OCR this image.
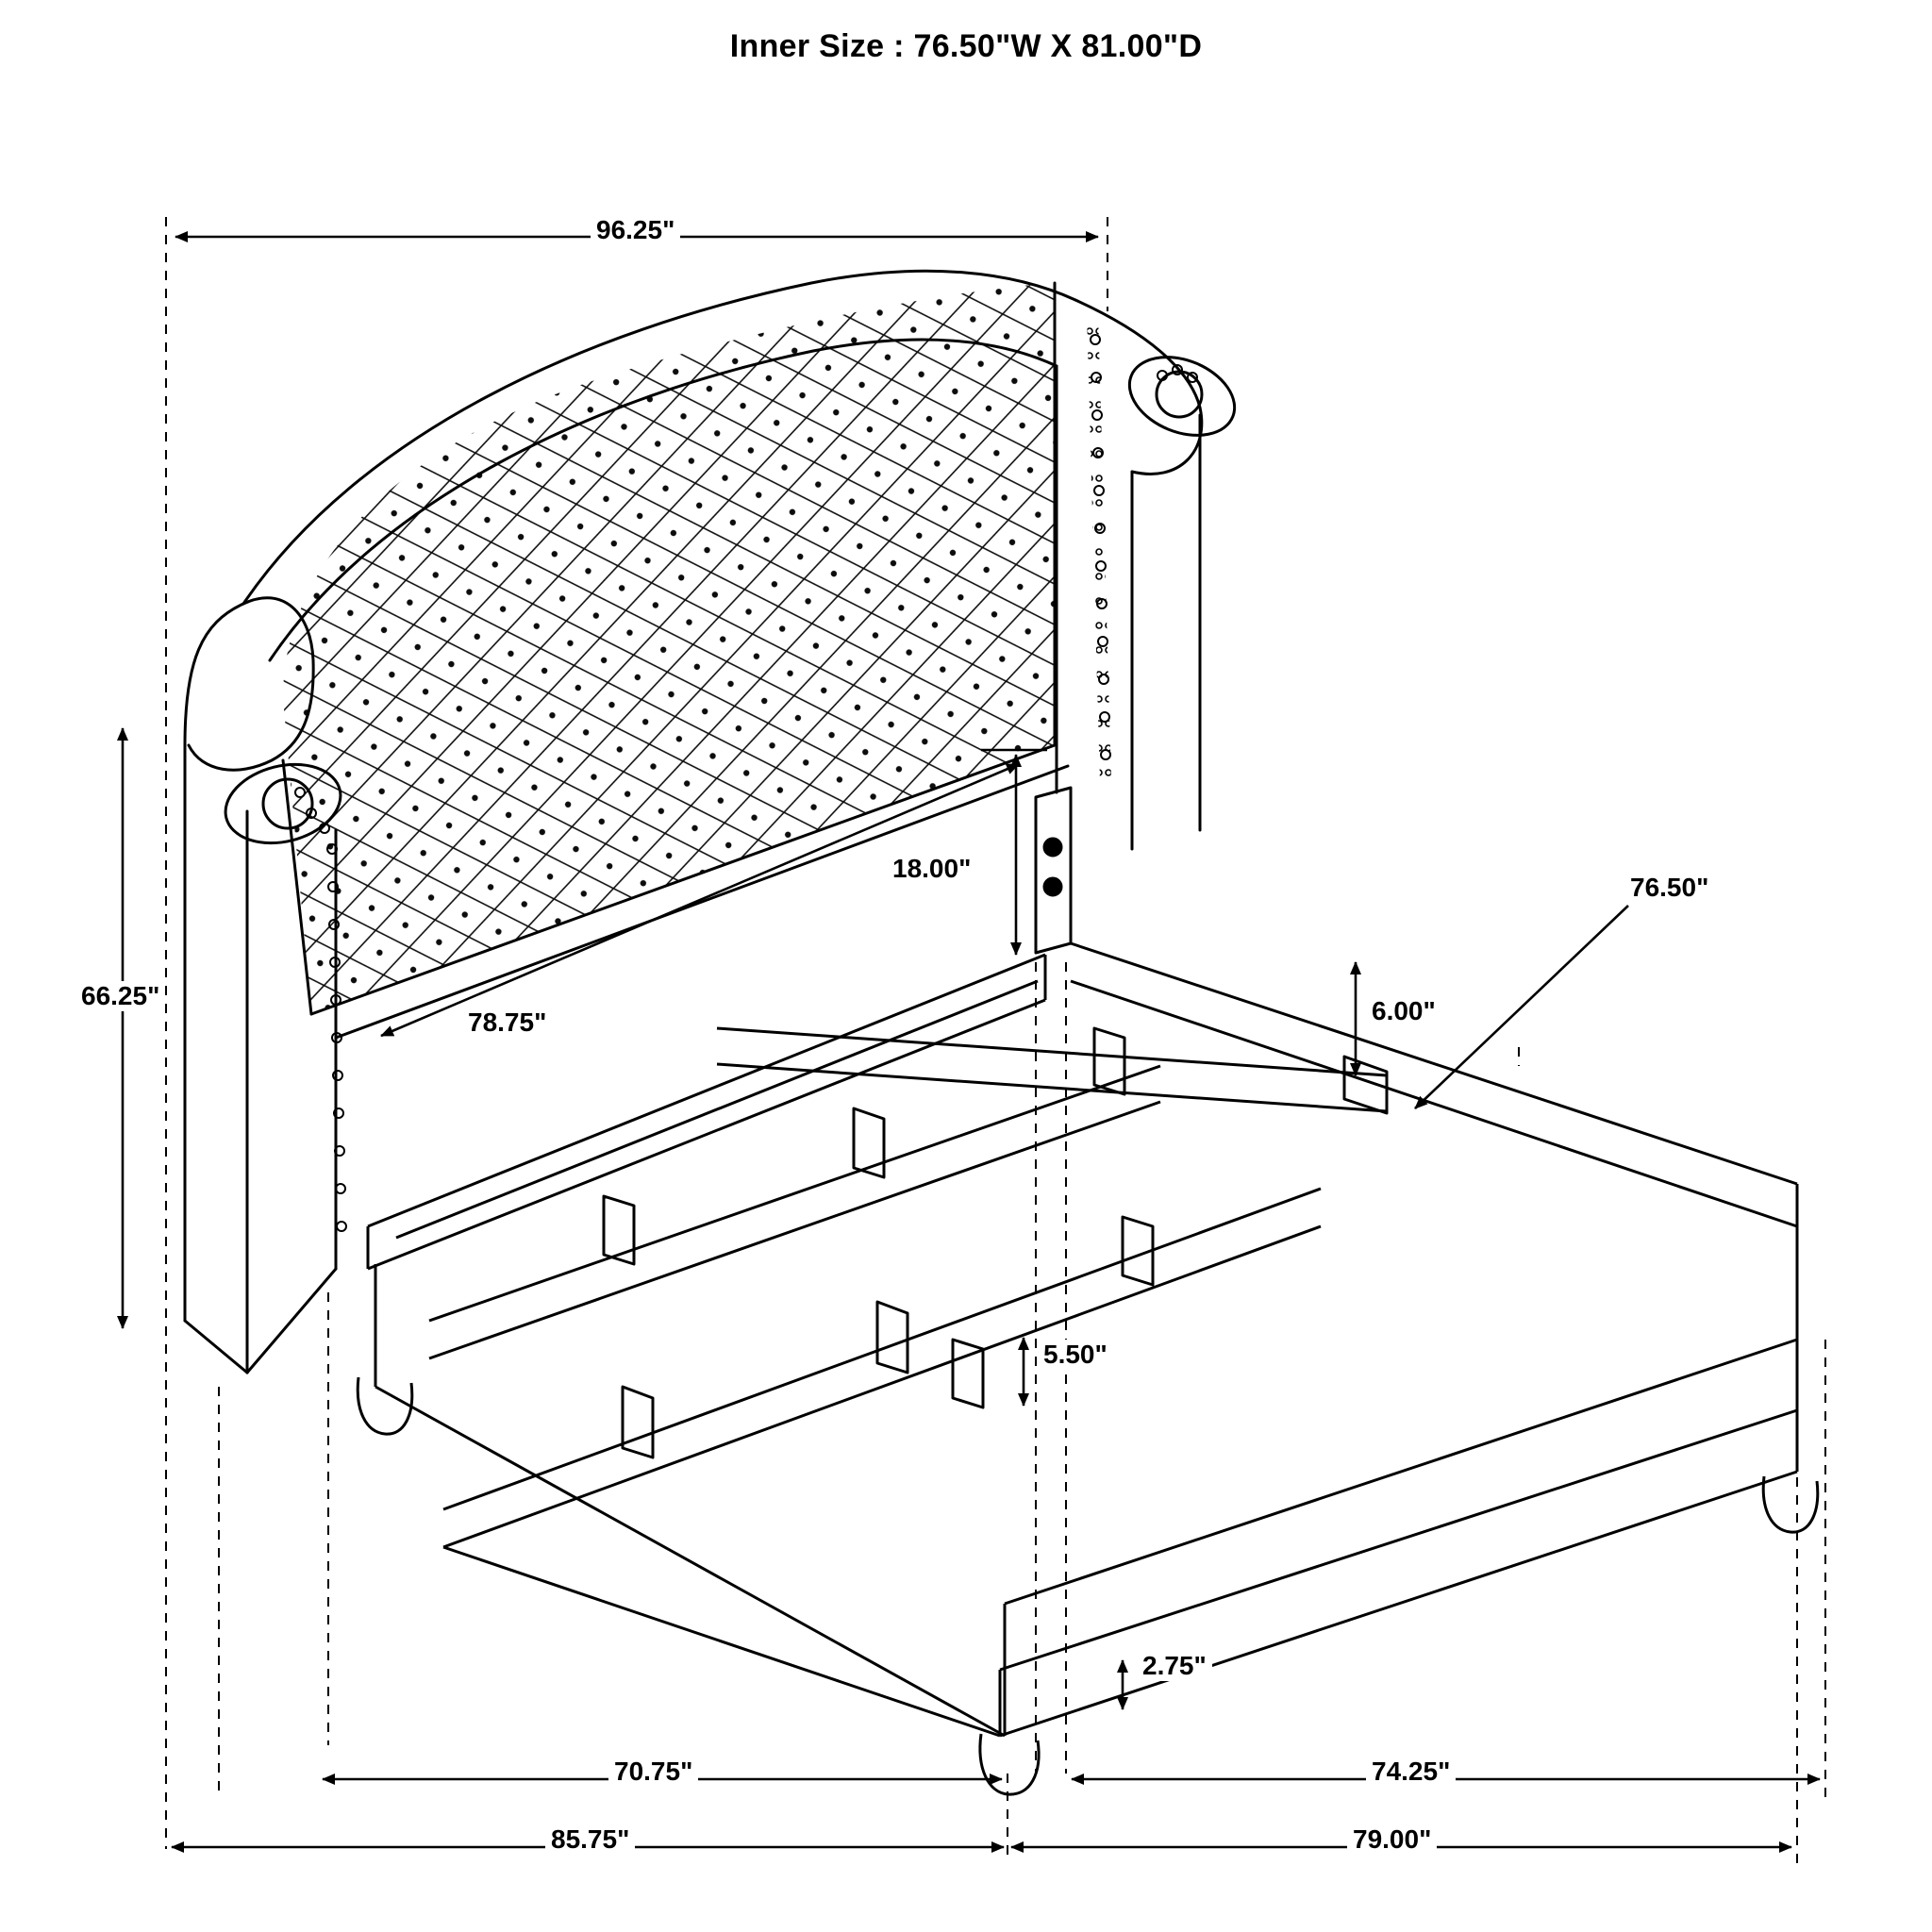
Inner Size : 76.50"W X 81.00"D
96.25"
66.25"
18.00"
78.75"	6.00"
76.50"
5.50"
2.75"
70.75"	74.25"
85.75"	79.00"
